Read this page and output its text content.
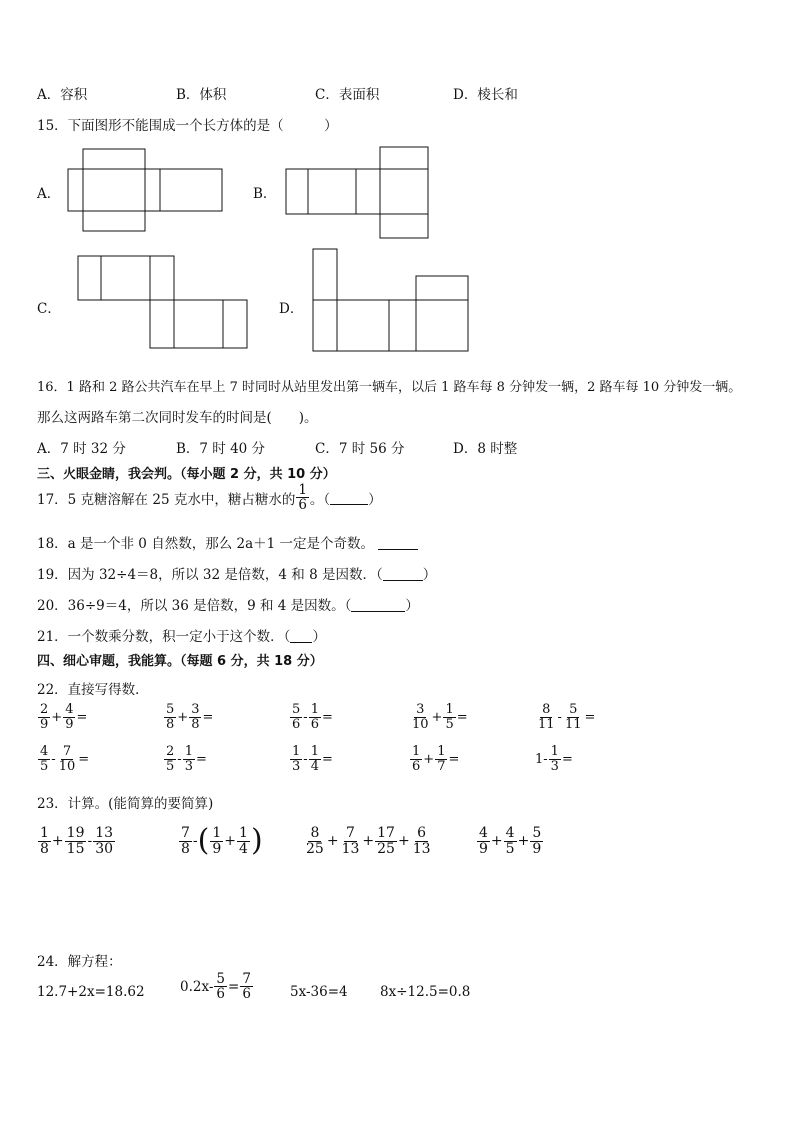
A．容积	B．体积	C．表面积	D．棱长和
15．下面图形不能围成一个长方体的是（　　　）
A．	B．
C．	D．
16．1 路和 2 路公共汽车在早上 7 时同时从站里发出第一辆车，以后 1 路车每 8 分钟发一辆，2 路车每 10 分钟发一辆。
那么这两路车第二次同时发车的时间是(　　)。
A．7 时 32 分	B．7 时 40 分	C．7 时 56 分	D．8 时整
三、火眼金睛，我会判。（每小题 2 分，共 10 分）
17．5 克糖溶解在 25 克水中，糖占糖水的 $\frac{1}{6}$ 。（	）
18．a 是一个非 0 自然数，那么 2a＋1 一定是个奇数。
19．因为 32÷4＝8，所以 32 是倍数，4 和 8 是因数．（	）
20．36÷9＝4，所以 36 是倍数，9 和 4 是因数。（	）
21．一个数乘分数，积一定小于这个数．（ ）
四、细心审题，我能算。（每题 6 分，共 18 分）
22．直接写得数．
$\frac{2}{9} + \frac{4}{9}$ =	$\frac{5}{8} + \frac{3}{8}$ =	$\frac{5}{6} - \frac{1}{6}$ =	$\frac{3}{10} + \frac{1}{5}$ =	$\frac{8}{11} - \frac{5}{11}$ =
$\frac{4}{5} - \frac{7}{10}$ =	$\frac{2}{5} - \frac{1}{3}$ =	$\frac{1}{3} - \frac{1}{4}$ =	$\frac{1}{6} + \frac{1}{7}$ =	$1- \frac{1}{3}$ =
23．计算。(能简算的要简算)
$\frac{1}{8} + \frac{19}{15} - \frac{13}{30}$	$\frac{7}{8}$ - ( $\frac{1}{9} + \frac{1}{4}$ )	$\frac{8}{25} + \frac{7}{13} + \frac{17}{25} + \frac{6}{13}$	$\frac{4}{9} + \frac{4}{5} + \frac{5}{9}$
24．解方程：
12.7+2x=18.62	$0.2x- \frac{5}{6} = \frac{7}{6}$	5x-36=4 8x÷12.5=0.8
